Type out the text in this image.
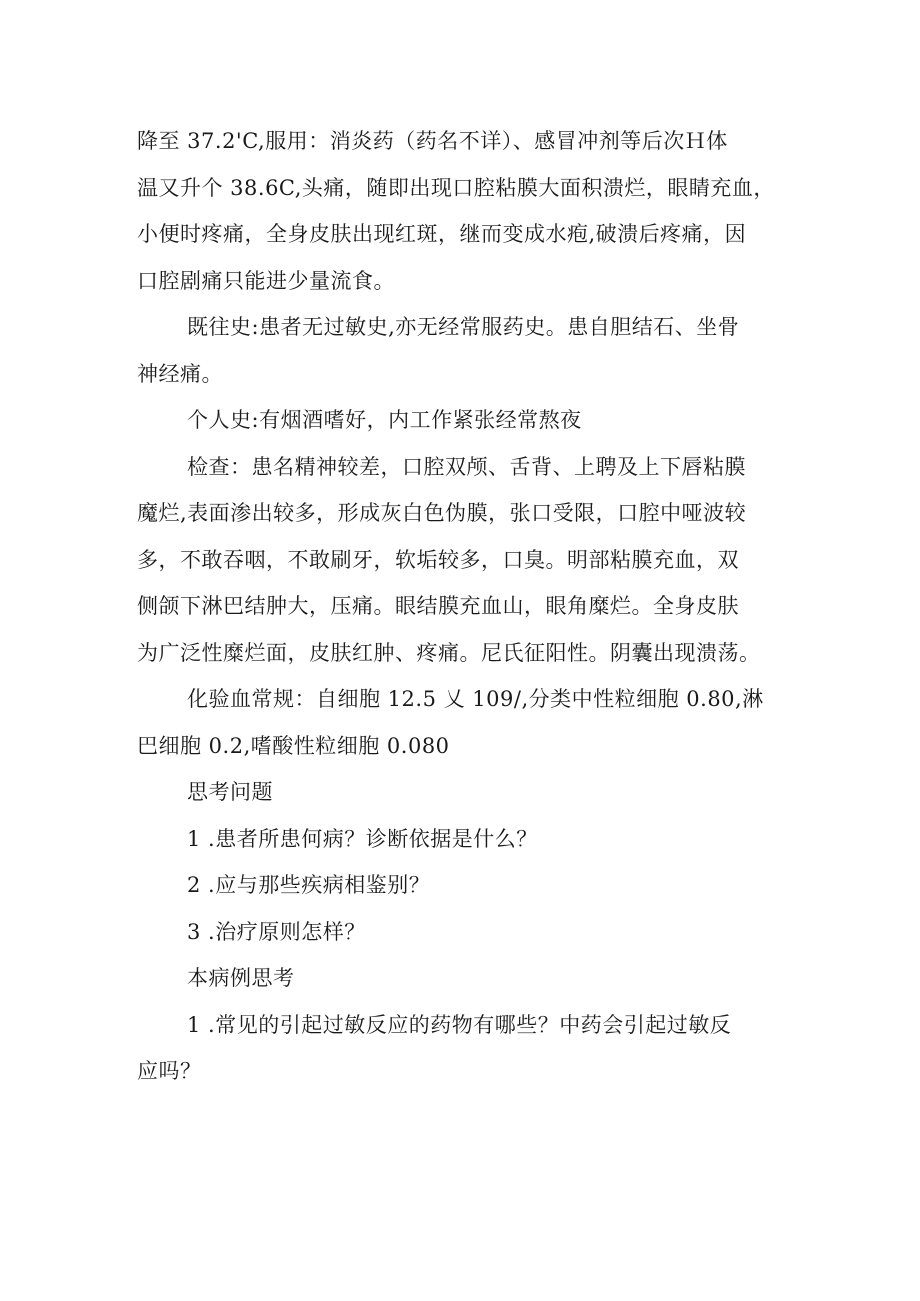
降至 37.2'C,服用：消炎药（药名不详）、感冒冲剂等后次Ｈ体
温又升个 38.6C,头痛，随即出现口腔粘膜大面积溃烂，眼睛充血，
小便时疼痛，全身皮肤出现红斑，继而变成水疱,破溃后疼痛，因
口腔剧痛只能进少量流食。

既往史:患者无过敏史,亦无经常服药史。患自胆结石、坐骨
神经痛。

个人史:有烟酒嗜好，内工作紧张经常熬夜

检查：患名精神较差，口腔双颅、舌背、上聘及上下唇粘膜
魔烂,表面渗出较多，形成灰白色伪膜，张口受限，口腔中哑波较
多，不敢吞咽，不敢刷牙，软垢较多，口臭。明部粘膜充血，双
侧颌下淋巴结肿大，压痛。眼结膜充血山，眼角糜烂。全身皮肤
为广泛性糜烂面，皮肤红肿、疼痛。尼氏征阳性。阴囊出现溃荡。

化验血常规：自细胞 12.5 乂 109/,分类中性粒细胞 0.80,淋
巴细胞 0.2,嗜酸性粒细胞 0.080

思考问题

1 .患者所患何病？诊断依据是什么？

2 .应与那些疾病相鉴别？

3 .治疗原则怎样？

本病例思考

1 .常见的引起过敏反应的药物有哪些？中药会引起过敏反
应吗？
